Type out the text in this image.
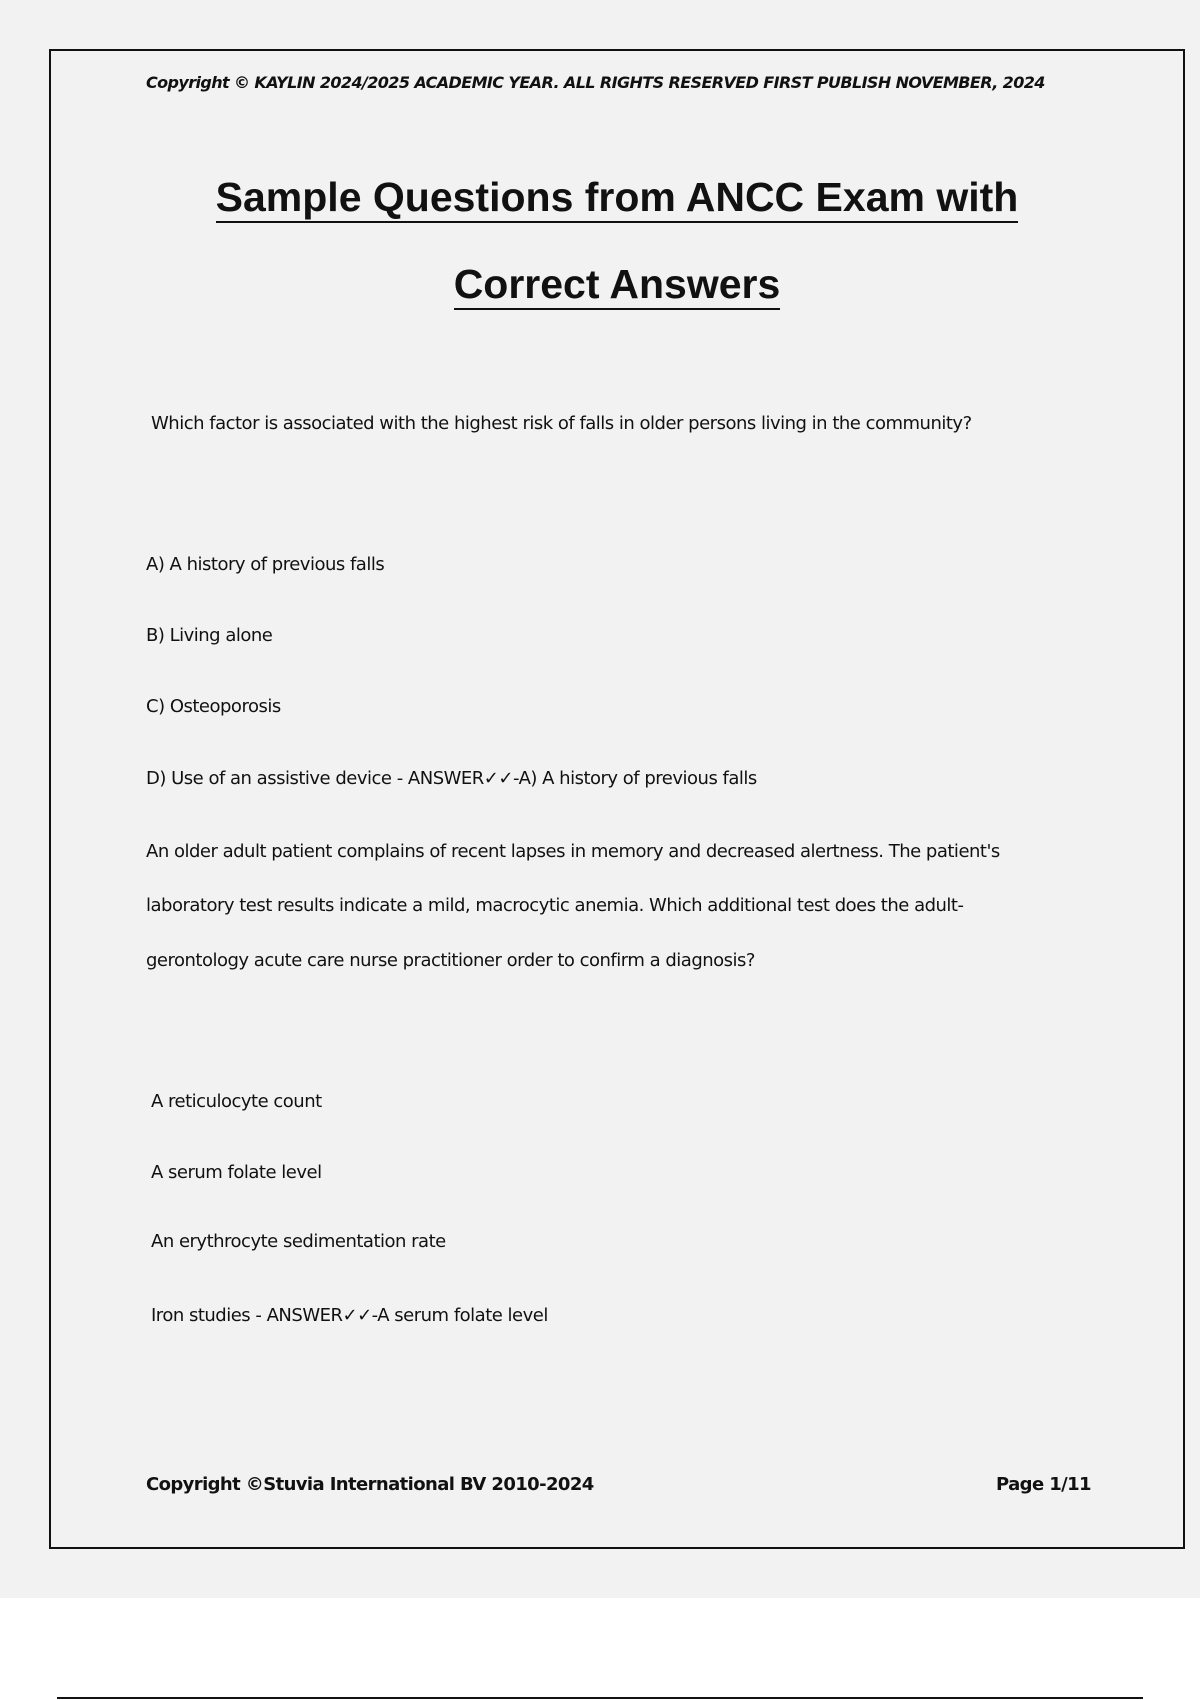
Copyright © KAYLIN 2024/2025 ACADEMIC YEAR. ALL RIGHTS RESERVED FIRST PUBLISH NOVEMBER, 2024
Sample Questions from ANCC Exam with
Correct Answers
Which factor is associated with the highest risk of falls in older persons living in the community?
A) A history of previous falls
B) Living alone
C) Osteoporosis
D) Use of an assistive device - ANSWER✓✓-A) A history of previous falls
An older adult patient complains of recent lapses in memory and decreased alertness. The patient's
laboratory test results indicate a mild, macrocytic anemia. Which additional test does the adult-
gerontology acute care nurse practitioner order to confirm a diagnosis?
A reticulocyte count
A serum folate level
An erythrocyte sedimentation rate
Iron studies - ANSWER✓✓-A serum folate level
Copyright ©Stuvia International BV 2010-2024	Page 1/11
